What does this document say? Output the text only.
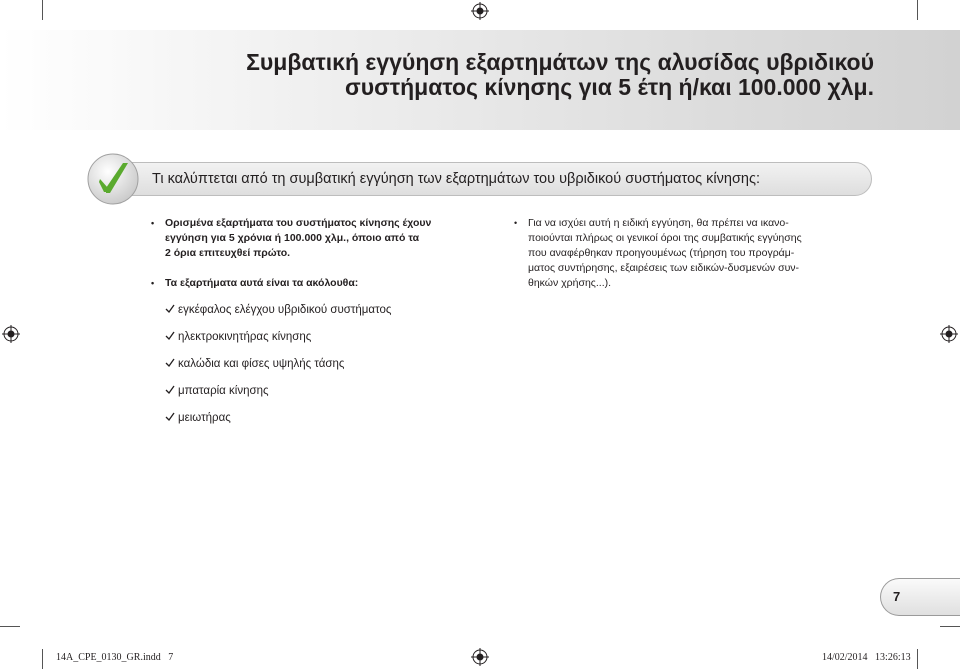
Συμβατική εγγύηση εξαρτημάτων της αλυσίδας υβριδικού
συστήματος κίνησης για 5 έτη ή/και 100.000 χλμ.
Τι καλύπτεται από τη συμβατική εγγύηση των εξαρτημάτων του υβριδικού συστήματος κίνησης:
• Ορισμένα εξαρτήματα του συστήματος κίνησης έχουν
εγγύηση για 5 χρόνια ή 100.000 χλμ., όποιο από τα
2 όρια επιτευχθεί πρώτο.
• Τα εξαρτήματα αυτά είναι τα ακόλουθα:
εγκέφαλος ελέγχου υβριδικού συστήματος
ηλεκτροκινητήρας κίνησης
καλώδια και φίσες υψηλής τάσης
μπαταρία κίνησης
μειωτήρας
• Για να ισχύει αυτή η ειδική εγγύηση, θα πρέπει να ικανο-
ποιούνται πλήρως οι γενικοί όροι της συμβατικής εγγύησης
που αναφέρθηκαν προηγουμένως (τήρηση του προγράμ-
ματος συντήρησης, εξαιρέσεις των ειδικών-δυσμενών συν-
θηκών χρήσης...).
7
14A_CPE_0130_GR.indd   7	14/02/2014   13:26:13
